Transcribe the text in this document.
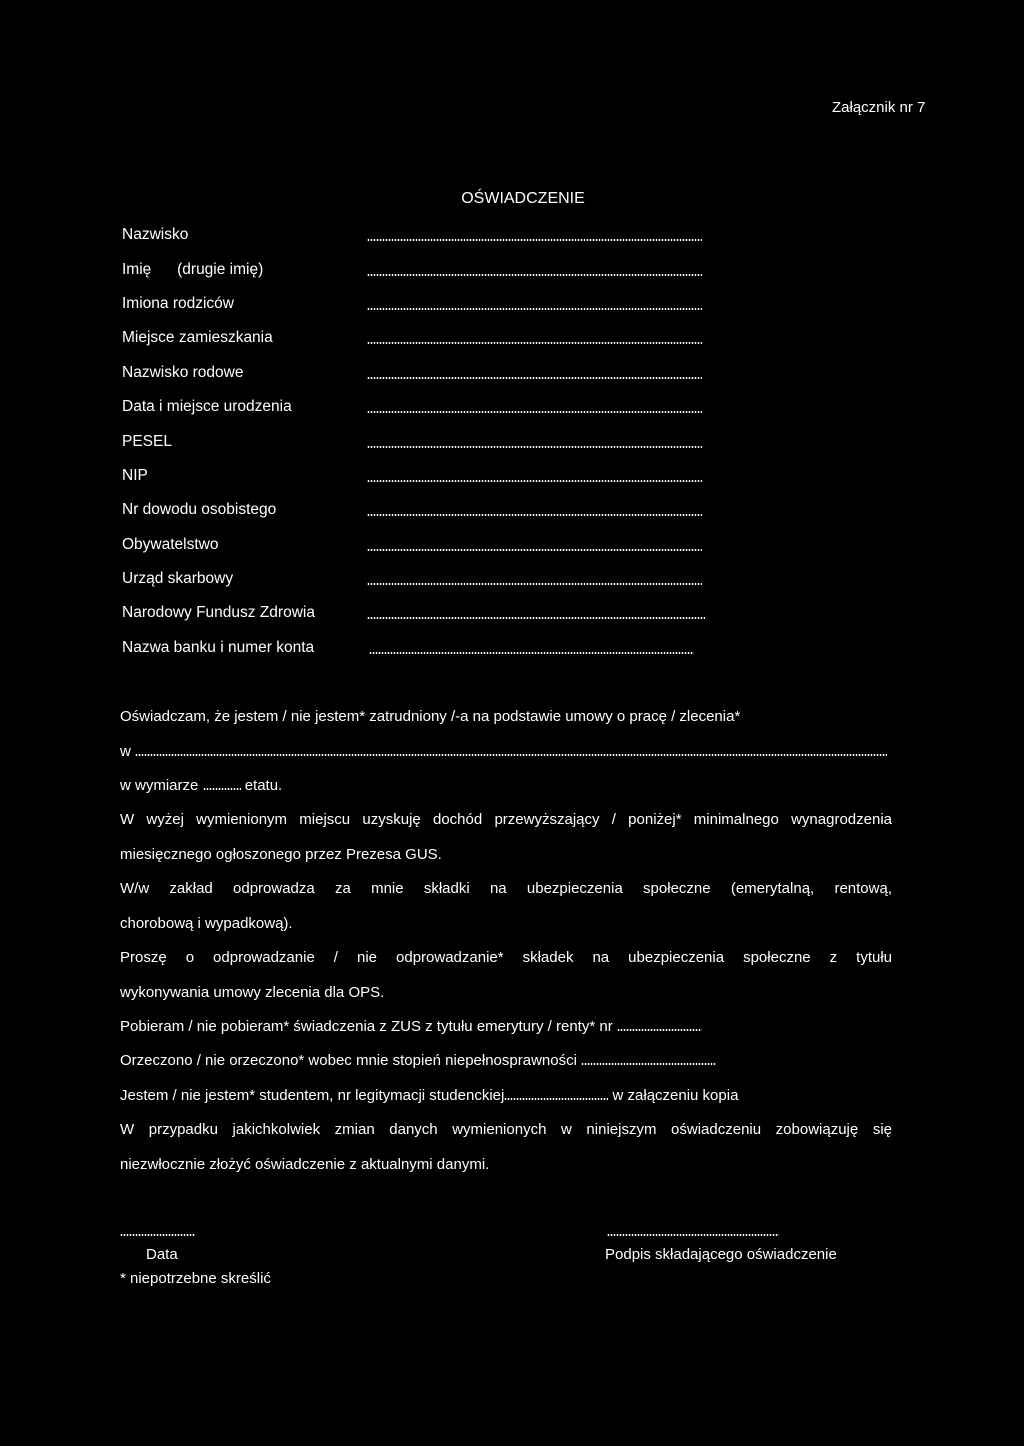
Załącznik nr 7
OŚWIADCZENIE
Nazwisko
Imię      (drugie imię)
Imiona rodziców
Miejsce zamieszkania
Nazwisko rodowe
Data i miejsce urodzenia
PESEL
NIP
Nr dowodu osobistego
Obywatelstwo
Urząd skarbowy
Narodowy Fundusz Zdrowia
Nazwa banku i numer konta
Oświadczam, że jestem / nie jestem* zatrudniony /-a na podstawie umowy o pracę / zlecenia*
w
w wymiarze	etatu.
W wyżej wymienionym miejscu uzyskuję dochód przewyższający / poniżej* minimalnego wynagrodzenia
miesięcznego ogłoszonego przez Prezesa GUS.
W/w zakład odprowadza za mnie składki na ubezpieczenia społeczne (emerytalną, rentową,
chorobową i wypadkową).
Proszę o odprowadzanie / nie odprowadzanie* składek na ubezpieczenia społeczne z tytułu
wykonywania umowy zlecenia dla OPS.
Pobieram / nie pobieram* świadczenia z ZUS z tytułu emerytury / renty* nr
Orzeczono / nie orzeczono* wobec mnie stopień niepełnosprawności
Jestem / nie jestem* studentem, nr legitymacji studenckiej	w załączeniu kopia
W przypadku jakichkolwiek zmian danych wymienionych w niniejszym oświadczeniu zobowiązuję się
niezwłocznie złożyć oświadczenie z aktualnymi danymi.
Data	Podpis składającego oświadczenie
* niepotrzebne skreślić
